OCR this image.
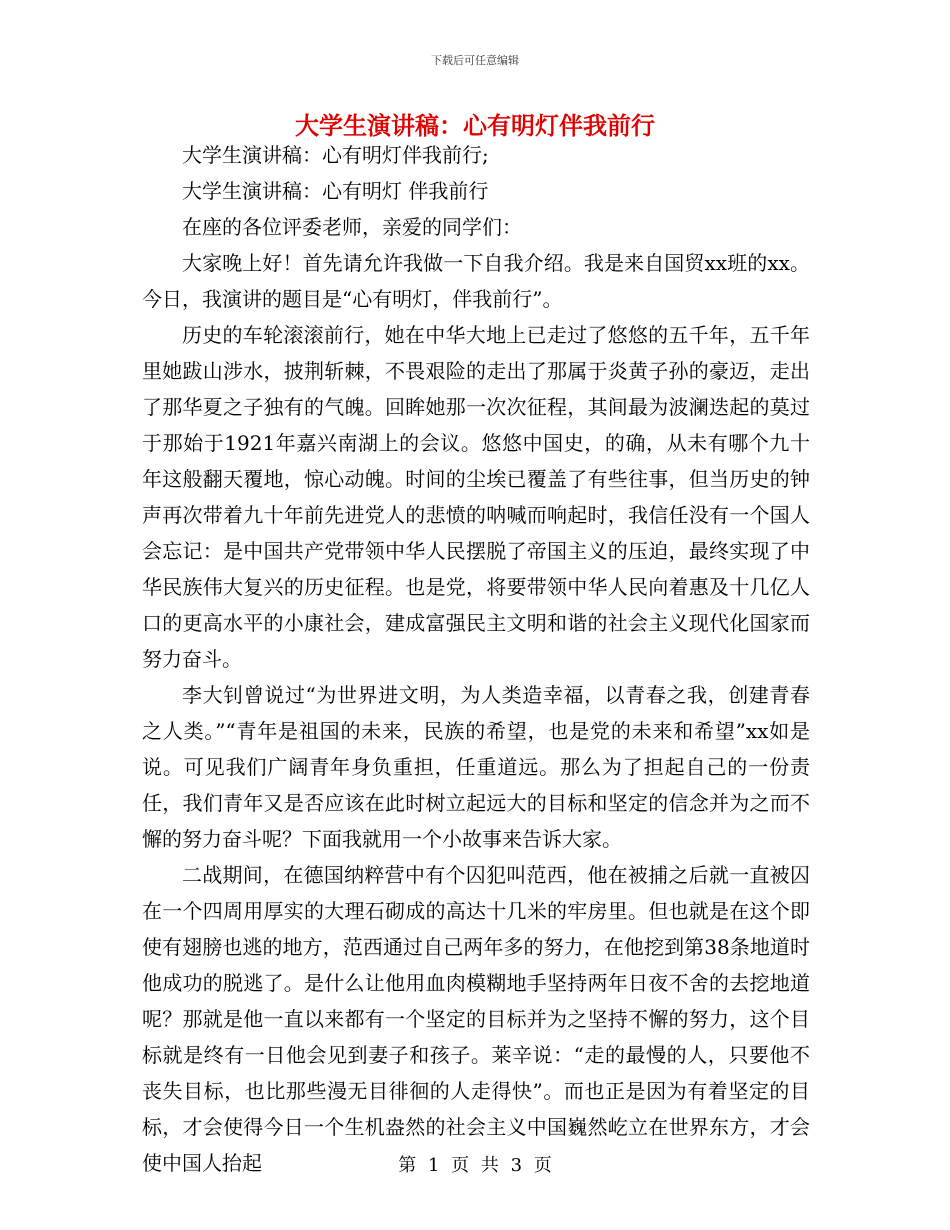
下载后可任意编辑
大学生演讲稿：心有明灯伴我前行

大学生演讲稿：心有明灯伴我前行;

大学生演讲稿：心有明灯 伴我前行

在座的各位评委老师，亲爱的同学们：

大家晚上好！首先请允许我做一下自我介绍。我是来自国贸xx班的xx。今日，我演讲的题目是“心有明灯，伴我前行”。

历史的车轮滚滚前行，她在中华大地上已走过了悠悠的五千年，五千年里她跋山涉水，披荆斩棘，不畏艰险的走出了那属于炎黄子孙的豪迈，走出了那华夏之子独有的气魄。回眸她那一次次征程，其间最为波澜迭起的莫过于那始于1921年嘉兴南湖上的会议。悠悠中国史，的确，从未有哪个九十年这般翻天覆地，惊心动魄。时间的尘埃已覆盖了有些往事，但当历史的钟声再次带着九十年前先进党人的悲愤的呐喊而响起时，我信任没有一个国人会忘记：是中国共产党带领中华人民摆脱了帝国主义的压迫，最终实现了中华民族伟大复兴的历史征程。也是党，将要带领中华人民向着惠及十几亿人口的更高水平的小康社会，建成富强民主文明和谐的社会主义现代化国家而努力奋斗。

李大钊曾说过“为世界进文明，为人类造幸福，以青春之我，创建青春之人类。”“青年是祖国的未来，民族的希望，也是党的未来和希望”xx如是说。可见我们广阔青年身负重担，任重道远。那么为了担起自己的一份责任，我们青年又是否应该在此时树立起远大的目标和坚定的信念并为之而不懈的努力奋斗呢？下面我就用一个小故事来告诉大家。

二战期间，在德国纳粹营中有个囚犯叫范西，他在被捕之后就一直被囚在一个四周用厚实的大理石砌成的高达十几米的牢房里。但也就是在这个即使有翅膀也逃的地方，范西通过自己两年多的努力，在他挖到第38条地道时他成功的脱逃了。是什么让他用血肉模糊地手坚持两年日夜不舍的去挖地道呢？那就是他一直以来都有一个坚定的目标并为之坚持不懈的努力，这个目标就是终有一日他会见到妻子和孩子。莱辛说：“走的最慢的人，只要他不丧失目标，也比那些漫无目徘徊的人走得快”。而也正是因为有着坚定的目标，才会使得今日一个生机盎然的社会主义中国巍然屹立在世界东方，才会使中国人抬起	第 1 页 共 3 页
